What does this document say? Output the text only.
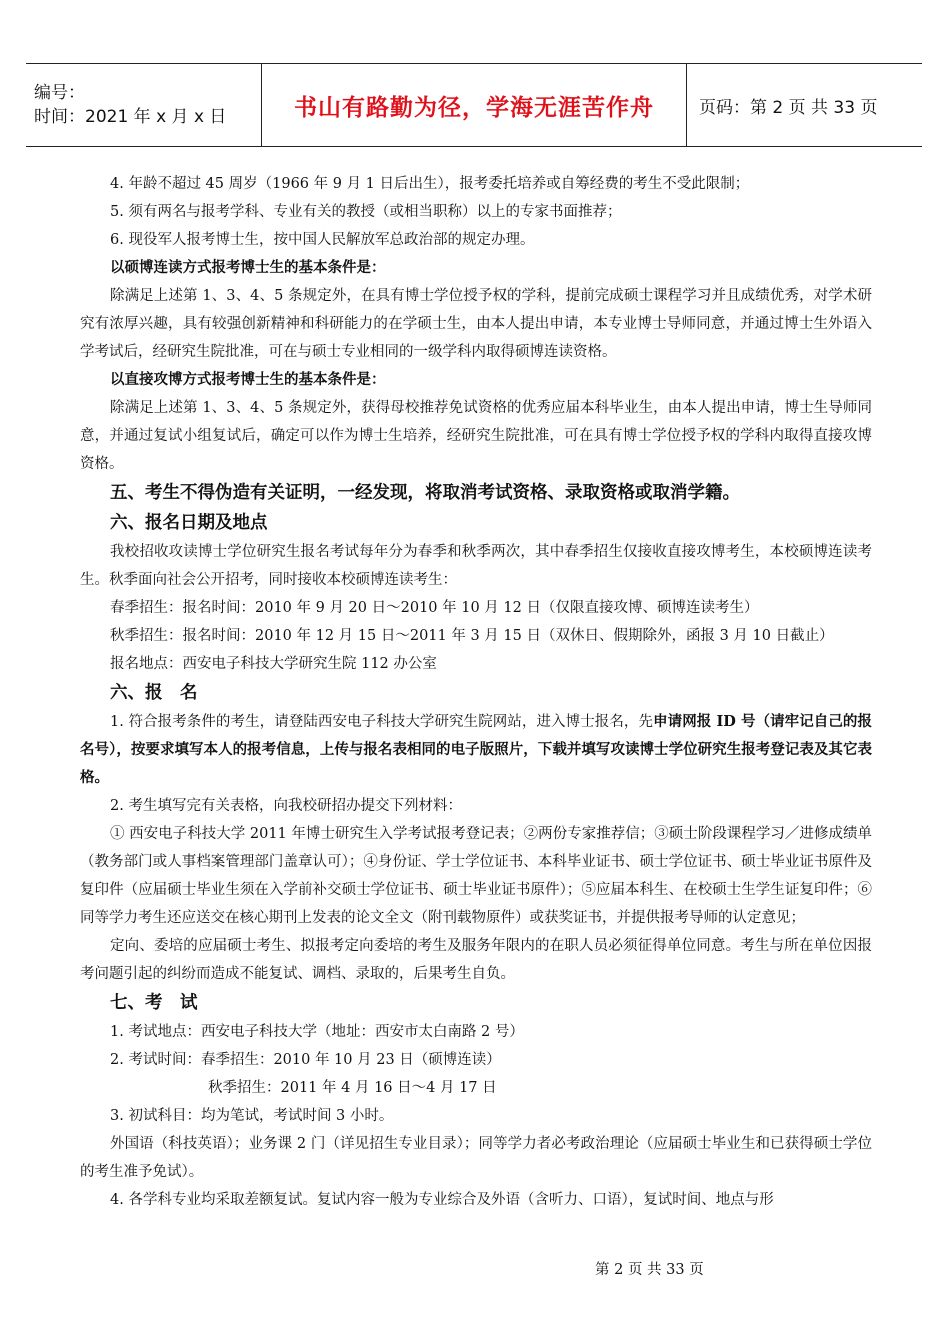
编号：
时间：2021 年 x 月 x 日	书山有路勤为径，学海无涯苦作舟	页码：第 2 页 共 33 页

4. 年龄不超过 45 周岁（1966 年 9 月 1 日后出生），报考委托培养或自筹经费的考生不受此限制；

5. 须有两名与报考学科、专业有关的教授（或相当职称）以上的专家书面推荐；

6. 现役军人报考博士生，按中国人民解放军总政治部的规定办理。

以硕博连读方式报考博士生的基本条件是：

除满足上述第 1、3、4、5 条规定外，在具有博士学位授予权的学科，提前完成硕士课程学习并且成绩优秀，对学术研究有浓厚兴趣，具有较强创新精神和科研能力的在学硕士生，由本人提出申请，本专业博士导师同意，并通过博士生外语入学考试后，经研究生院批准，可在与硕士专业相同的一级学科内取得硕博连读资格。

以直接攻博方式报考博士生的基本条件是：

除满足上述第 1、3、4、5 条规定外，获得母校推荐免试资格的优秀应届本科毕业生，由本人提出申请，博士生导师同意，并通过复试小组复试后，确定可以作为博士生培养，经研究生院批准，可在具有博士学位授予权的学科内取得直接攻博资格。

五、考生不得伪造有关证明，一经发现，将取消考试资格、录取资格或取消学籍。

六、报名日期及地点

我校招收攻读博士学位研究生报名考试每年分为春季和秋季两次，其中春季招生仅接收直接攻博考生，本校硕博连读考生。秋季面向社会公开招考，同时接收本校硕博连读考生：

春季招生：报名时间：2010 年 9 月 20 日～2010 年 10 月 12 日（仅限直接攻博、硕博连读考生）

秋季招生：报名时间：2010 年 12 月 15 日～2011 年 3 月 15 日（双休日、假期除外，函报 3 月 10 日截止）

报名地点：西安电子科技大学研究生院 112 办公室

六、报　名

1. 符合报考条件的考生，请登陆西安电子科技大学研究生院网站，进入博士报名，先申请网报 ID 号（请牢记自己的报名号），按要求填写本人的报考信息，上传与报名表相同的电子版照片，下载并填写攻读博士学位研究生报考登记表及其它表格。

2. 考生填写完有关表格，向我校研招办提交下列材料：

① 西安电子科技大学 2011 年博士研究生入学考试报考登记表；②两份专家推荐信；③硕士阶段课程学习／进修成绩单（教务部门或人事档案管理部门盖章认可）；④身份证、学士学位证书、本科毕业证书、硕士学位证书、硕士毕业证书原件及复印件（应届硕士毕业生须在入学前补交硕士学位证书、硕士毕业证书原件）；⑤应届本科生、在校硕士生学生证复印件；⑥同等学力考生还应送交在核心期刊上发表的论文全文（附刊载物原件）或获奖证书，并提供报考导师的认定意见；

定向、委培的应届硕士考生、拟报考定向委培的考生及服务年限内的在职人员必须征得单位同意。考生与所在单位因报考问题引起的纠纷而造成不能复试、调档、录取的，后果考生自负。

七、考　试

1. 考试地点：西安电子科技大学（地址：西安市太白南路 2 号）

2. 考试时间：春季招生：2010 年 10 月 23 日（硕博连读）

秋季招生：2011 年 4 月 16 日～4 月 17 日

3. 初试科目：均为笔试，考试时间 3 小时。

外国语（科技英语）；业务课 2 门（详见招生专业目录）；同等学力者必考政治理论（应届硕士毕业生和已获得硕士学位的考生准予免试）。

4. 各学科专业均采取差额复试。复试内容一般为专业综合及外语（含听力、口语），复试时间、地点与形

第 2 页 共 33 页
